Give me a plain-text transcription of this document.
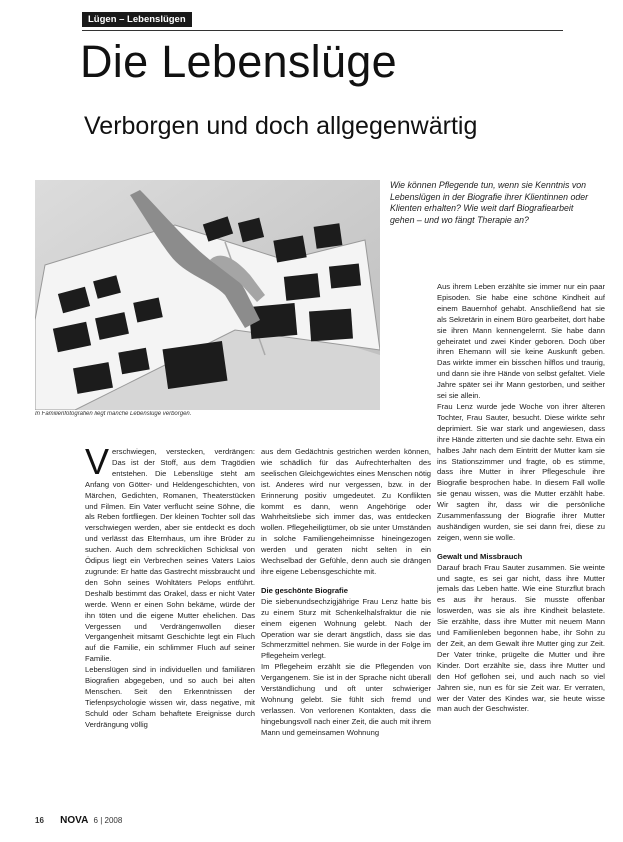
Lügen – Lebenslügen
Die Lebenslüge
Verborgen und doch allgegenwärtig
In Familienfotografien liegt manche Lebenslüge verborgen.
Wie können Pflegende tun, wenn sie Kenntnis von Lebenslügen in der Biografie ihrer Klientinnen oder Klienten erhalten? Wie weit darf Biografiearbeit gehen – und wo fängt Therapie an?
V erschwiegen, verstecken, verdrängen: Das ist der Stoff, aus dem Tragödien entstehen. Die Lebenslüge steht am Anfang von Götter- und Heldengeschichten, von Märchen, Gedichten, Romanen, Theaterstücken und Filmen. Ein Vater verflucht seine Söhne, die als Reben fortfliegen. Der kleinen Tochter soll das verschwiegen werden, aber sie entdeckt es doch und verlässt das Elternhaus, um ihre Brüder zu suchen. Auch dem schrecklichen Schicksal von Ödipus liegt ein Verbrechen seines Vaters Laios zugrunde: Er hatte das Gastrecht missbraucht und den Sohn seines Wohltäters Pelops entführt. Deshalb bestimmt das Orakel, dass er nicht Vater werde. Wenn er einen Sohn bekäme, würde der ihn töten und die eigene Mutter ehelichen. Das Vergessen und Verdrängenwollen dieser Vergangenheit mitsamt Geschichte legt ein Fluch auf die Familie, ein schlimmer Fluch auf seiner Familie.

Lebenslügen sind in individuellen und familiären Biografien abgegeben, und so auch bei alten Menschen. Seit den Erkenntnissen der Tiefenpsychologie wissen wir, dass negative, mit Schuld oder Scham behaftete Ereignisse durch Verdrängung völlig

aus dem Gedächtnis gestrichen werden können, wie schädlich für das Aufrechterhalten des seelischen Gleichgewichtes eines Menschen nötig ist. Anderes wird nur vergessen, bzw. in der Erinnerung positiv umgedeutet. Zu Konflikten kommt es dann, wenn Angehörige oder Wahrheitsliebe sich immer das, was entdecken wollen. Pflegeheiligtümer, ob sie unter Umständen in solche Familiengeheimnisse hineingezogen werden und geraten nicht selten in ein Wechselbad der Gefühle, denn auch sie drängen ihre eigene Lebensgeschichte mit.

Die geschönte Biografie

Die siebenundsechzigjährige Frau Lenz hatte bis zu einem Sturz mit Schenkelhalsfraktur die nie einem eigenen Wohnung gelebt. Nach der Operation war sie derart ängstlich, dass sie das Schmerzmittel nehmen. Sie wurde in der Folge im Pflegeheim verlegt.

Im Pflegeheim erzählt sie die Pflegenden von Vergangenem. Sie ist in der Sprache nicht überall Verständlichung und oft unter schwieriger Wohnung gelebt. Sie fühlt sich fremd und verlassen. Von verlorenen Kontakten, dass die hingebungsvoll nach einer Zeit, die auch mit ihrem Mann und gemeinsamen Wohnung

Aus ihrem Leben erzählte sie immer nur ein paar Episoden. Sie habe eine schöne Kindheit auf einem Bauernhof gehabt. Anschließend hat sie als Sekretärin in einem Büro gearbeitet, dort habe sie ihren Mann kennengelernt. Sie habe dann geheiratet und zwei Kinder geboren. Doch über ihren Ehemann will sie keine Auskunft geben. Das wirkte immer ein bisschen hilflos und traurig, und dann sie ihre Hände von selbst gefaltet. Viele Jahre später sei ihr Mann gestorben, und seither sei sie allein.

Frau Lenz wurde jede Woche von ihrer älteren Tochter, Frau Sauter, besucht. Diese wirkte sehr deprimiert. Sie war stark und angewiesen, dass ihre Hände zitterten und sie dachte sehr. Etwa ein halbes Jahr nach dem Eintritt der Mutter kam sie ins Stationszimmer und fragte, ob es stimme, dass ihre Mutter in ihrer Pflegeschule ihre Biografie besprochen habe. In diesem Fall wolle sie genau wissen, was die Mutter erzählt habe. Wir sagten ihr, dass wir die persönliche Zusammenfassung der Biografie ihrer Mutter aushändigen wurden, sie sei dann frei, diese zu zeigen, wenn sie wolle.

Gewalt und Missbrauch

Darauf brach Frau Sauter zusammen. Sie weinte und sagte, es sei gar nicht, dass ihre Mutter jemals das Leben hatte. Wie eine Sturzflut brach es aus ihr heraus. Sie musste offenbar loswerden, was sie als ihre Kindheit belastete. Sie erzählte, dass ihre Mutter mit neuem Mann und Familienleben begonnen habe, ihr Sohn zu der Zeit, an dem Gewalt ihre Mutter ging zur Zeit. Der Vater trinke, prügelte die Mutter und ihre Kinder. Dort erzählte sie, dass ihre Mutter und den Hof geflohen sei, und auch nach so viel Jahren sie, nun es für sie Zeit war. Er verraten, wer der Vater des Kindes war, sie heute wisse man auch der Geschwister.

16 NOVA 6 | 2008
